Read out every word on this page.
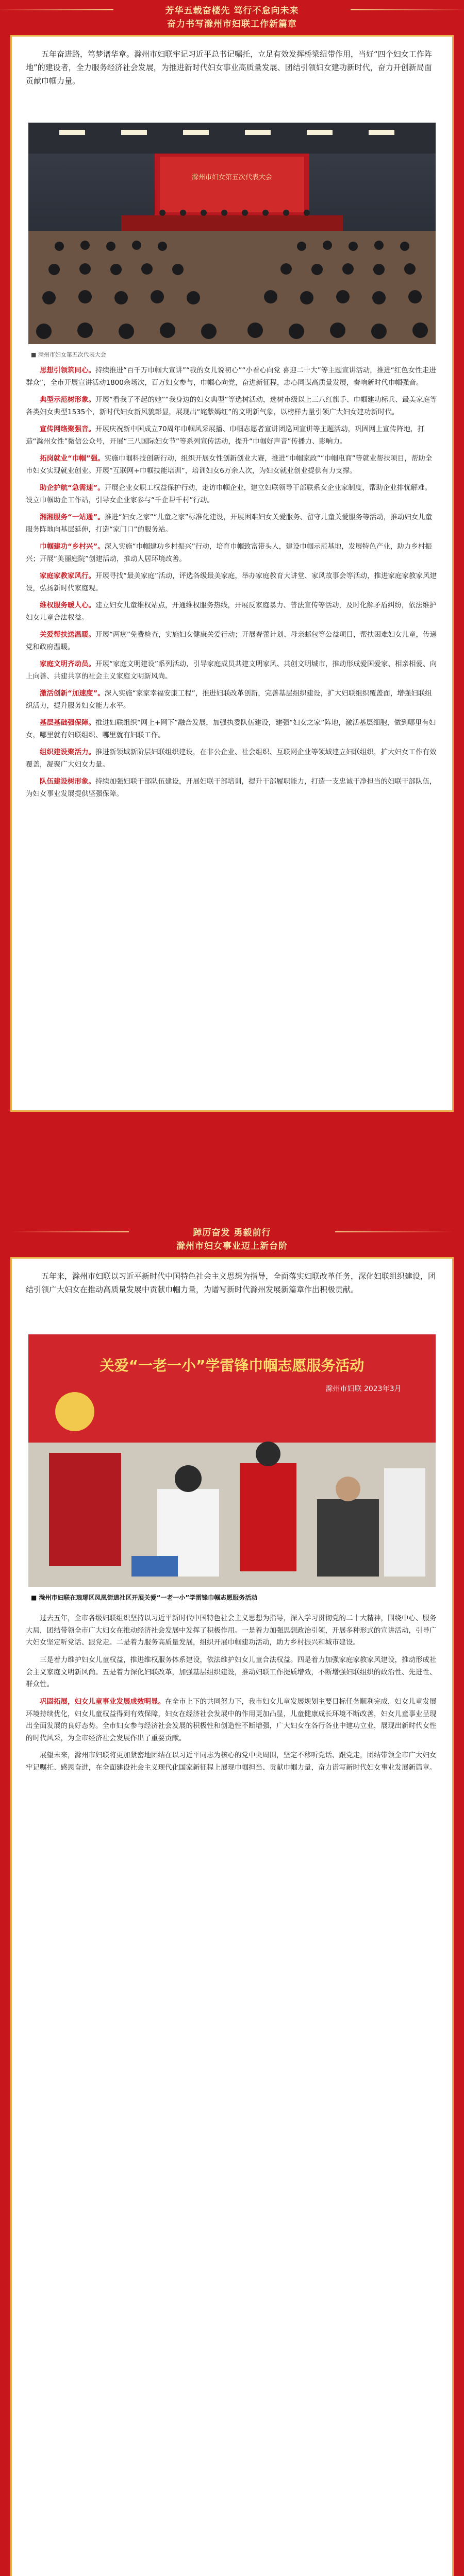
芳华五载奋楼先 笃行不怠向未来
奋力书写滁州市妇联工作新篇章
五年奋进路，笃梦谱华章。滁州市妇联牢记习近平总书记嘱托，立足有效发挥桥梁纽带作用，当好“四个妇女工作阵地”的建设者，全力服务经济社会发展，为推进新时代妇女事业高质量发展、团结引领妇女建功新时代，奋力开创新局面贡献巾帼力量。
滁州市妇女第五次代表大会
■ 滁州市妇女第五次代表大会
思想引领筑同心。持续推进“百千万巾帼大宣讲”“我的女儿说初心”“小看心向党 喜迎二十大”等主题宣讲活动，推进“红色女性走进群众”，全市开展宣讲活动1800余场次，百万妇女参与，巾帼心向党，奋进新征程，志心同谋高质量发展，奏响新时代巾帼强音。
典型示范树形象。开展“看我了不起的她”“我身边的妇女典型”等选树活动，选树市级以上三八红旗手、巾帼建功标兵、最美家庭等各类妇女典型1535个，新时代妇女新风貌彰显，展现出“姹紫嫣红”的文明新气象，以榜样力量引领广大妇女建功新时代。
宣传网络聚强音。开展庆祝新中国成立70周年巾帼风采展播、巾帼志愿者宣讲团巡回宣讲等主题活动，巩固网上宣传阵地，打造“滁州女性”微信公众号，开展“三八国际妇女节”等系列宣传活动，提升“巾帼好声音”传播力、影响力。
拓岗就业“巾帼”强。实施巾帼科技创新行动，组织开展女性创新创业大赛，推进“巾帼家政”“巾帼电商”等就业帮扶项目，帮助全市妇女实现就业创业。开展“互联网+巾帼技能培训”，培训妇女6万余人次，为妇女就业创业提供有力支撑。
助企护航“急需速”。开展企业女职工权益保护行动，走访巾帼企业，建立妇联领导干部联系女企业家制度，帮助企业排忧解难。设立巾帼助企工作站，引导女企业家参与“千企帮千村”行动。
湘湘服务“一站通”。推进“妇女之家”“儿童之家”标准化建设，开展困难妇女关爱服务、留守儿童关爱服务等活动，推动妇女儿童服务阵地向基层延伸，打造“家门口”的服务站。
巾帼建功“乡村兴”。深入实施“巾帼建功乡村振兴”行动，培育巾帼致富带头人，建设巾帼示范基地，发展特色产业，助力乡村振兴；开展“美丽庭院”创建活动，推动人居环境改善。
家庭家教家风行。开展寻找“最美家庭”活动，评选各级最美家庭，举办家庭教育大讲堂、家风故事会等活动，推进家庭家教家风建设，弘扬新时代家庭观。
维权服务暖人心。建立妇女儿童维权站点，开通维权服务热线，开展反家庭暴力、普法宣传等活动，及时化解矛盾纠纷，依法维护妇女儿童合法权益。
关爱帮扶送温暖。开展“两癌”免费检查，实施妇女健康关爱行动；开展春蕾计划、母亲邮包等公益项目，帮扶困难妇女儿童，传递党和政府温暖。
家庭文明齐动员。开展“家庭文明建设”系列活动，引导家庭成员共建文明家风、共创文明城市，推动形成爱国爱家、相亲相爱、向上向善、共建共享的社会主义家庭文明新风尚。
激活创新“加速度”。深入实施“家家幸福安康工程”，推进妇联改革创新，完善基层组织建设，扩大妇联组织覆盖面，增强妇联组织活力，提升服务妇女能力水平。
基层基础强保障。推进妇联组织“网上+网下”融合发展，加强执委队伍建设，建强“妇女之家”阵地，激活基层细胞，做到哪里有妇女，哪里就有妇联组织、哪里就有妇联工作。
组织建设聚活力。推进新领域新阶层妇联组织建设，在非公企业、社会组织、互联网企业等领域建立妇联组织，扩大妇女工作有效覆盖，凝聚广大妇女力量。
队伍建设树形象。持续加强妇联干部队伍建设，开展妇联干部培训，提升干部履职能力，打造一支忠诚干净担当的妇联干部队伍，为妇女事业发展提供坚强保障。
踔厉奋发 勇毅前行
滁州市妇女事业迈上新台阶
五年来，滁州市妇联以习近平新时代中国特色社会主义思想为指导，全面落实妇联改革任务，深化妇联组织建设，团结引领广大妇女在推动高质量发展中贡献巾帼力量，为谱写新时代滁州发展新篇章作出积极贡献。
关爱“一老一小”学雷锋巾帼志愿服务活动
滁州市妇联 2023年3月
■ 滁州市妇联在琅琊区凤凰街道社区开展关爱“一老一小”学雷锋巾帼志愿服务活动
过去五年，全市各级妇联组织坚持以习近平新时代中国特色社会主义思想为指导，深入学习贯彻党的二十大精神，围绕中心、服务大局，团结带领全市广大妇女在推动经济社会发展中发挥了积极作用。一是着力加强思想政治引领，开展多种形式的宣讲活动，引导广大妇女坚定听党话、跟党走。二是着力服务高质量发展，组织开展巾帼建功活动，助力乡村振兴和城市建设。
三是着力维护妇女儿童权益，推进维权服务体系建设，依法维护妇女儿童合法权益。四是着力加强家庭家教家风建设，推动形成社会主义家庭文明新风尚。五是着力深化妇联改革，加强基层组织建设，推动妇联工作提质增效，不断增强妇联组织的政治性、先进性、群众性。
巩固拓展，妇女儿童事业发展成效明显。在全市上下的共同努力下，我市妇女儿童发展规划主要目标任务顺利完成，妇女儿童发展环境持续优化，妇女儿童权益得到有效保障，妇女在经济社会发展中的作用更加凸显，儿童健康成长环境不断改善，妇女儿童事业呈现出全面发展的良好态势。全市妇女参与经济社会发展的积极性和创造性不断增强，广大妇女在各行各业中建功立业，展现出新时代女性的时代风采，为全市经济社会发展作出了重要贡献。
展望未来，滁州市妇联将更加紧密地团结在以习近平同志为核心的党中央周围，坚定不移听党话、跟党走，团结带领全市广大妇女牢记嘱托、感恩奋进，在全面建设社会主义现代化国家新征程上展现巾帼担当、贡献巾帼力量，奋力谱写新时代妇女事业发展新篇章。
